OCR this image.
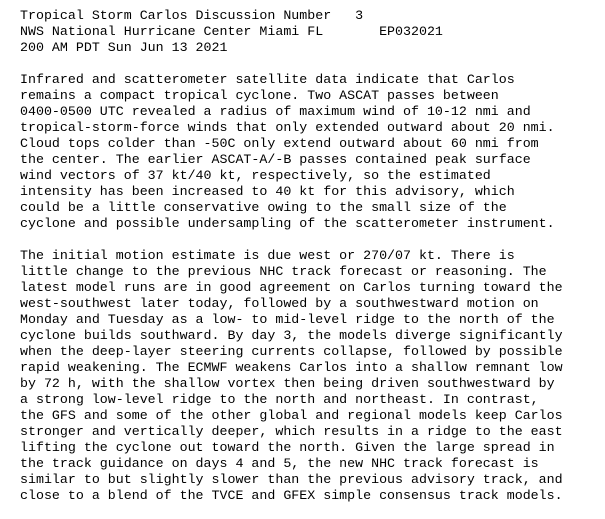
Tropical Storm Carlos Discussion Number   3
NWS National Hurricane Center Miami FL       EP032021
200 AM PDT Sun Jun 13 2021
Infrared and scatterometer satellite data indicate that Carlos
remains a compact tropical cyclone. Two ASCAT passes between
0400-0500 UTC revealed a radius of maximum wind of 10-12 nmi and
tropical-storm-force winds that only extended outward about 20 nmi.
Cloud tops colder than -50C only extend outward about 60 nmi from
the center. The earlier ASCAT-A/-B passes contained peak surface
wind vectors of 37 kt/40 kt, respectively, so the estimated
intensity has been increased to 40 kt for this advisory, which
could be a little conservative owing to the small size of the
cyclone and possible undersampling of the scatterometer instrument.
The initial motion estimate is due west or 270/07 kt. There is
little change to the previous NHC track forecast or reasoning. The
latest model runs are in good agreement on Carlos turning toward the
west-southwest later today, followed by a southwestward motion on
Monday and Tuesday as a low- to mid-level ridge to the north of the
cyclone builds southward. By day 3, the models diverge significantly
when the deep-layer steering currents collapse, followed by possible
rapid weakening. The ECMWF weakens Carlos into a shallow remnant low
by 72 h, with the shallow vortex then being driven southwestward by
a strong low-level ridge to the north and northeast. In contrast,
the GFS and some of the other global and regional models keep Carlos
stronger and vertically deeper, which results in a ridge to the east
lifting the cyclone out toward the north. Given the large spread in
the track guidance on days 4 and 5, the new NHC track forecast is
similar to but slightly slower than the previous advisory track, and
close to a blend of the TVCE and GFEX simple consensus track models.
